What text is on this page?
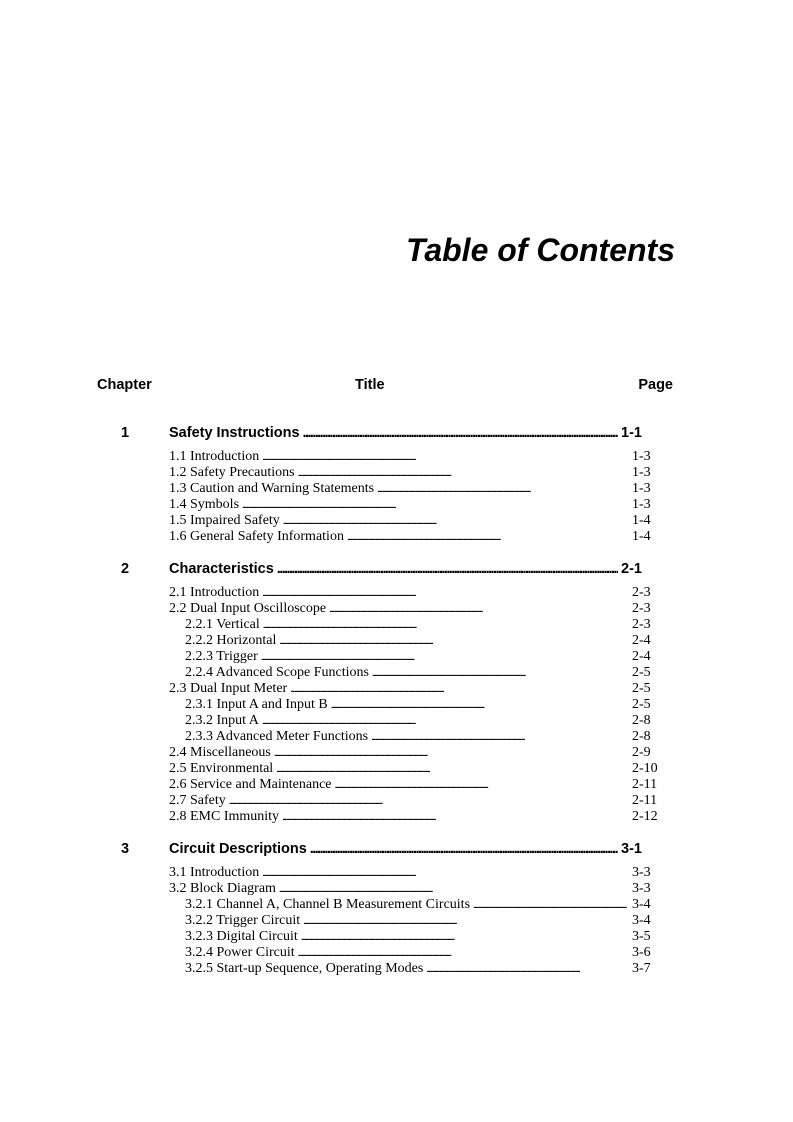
Table of Contents
Chapter	Title	Page
1	Safety Instructions . . .	1-1
1.1 Introduction . . .	1-3
1.2 Safety Precautions . . .	1-3
1.3 Caution and Warning Statements . . .	1-3
1.4 Symbols . . .	1-3
1.5 Impaired Safety . . .	1-4
1.6 General Safety Information . . .	1-4
2	Characteristics . . .	2-1
2.1 Introduction . . .	2-3
2.2 Dual Input Oscilloscope . . .	2-3
2.2.1 Vertical . . .	2-3
2.2.2 Horizontal . . .	2-4
2.2.3 Trigger . . .	2-4
2.2.4 Advanced Scope Functions . . .	2-5
2.3 Dual Input Meter . . .	2-5
2.3.1 Input A and Input B . . .	2-5
2.3.2 Input A . . .	2-8
2.3.3 Advanced Meter Functions . . .	2-8
2.4 Miscellaneous . . .	2-9
2.5 Environmental . . .	2-10
2.6 Service and Maintenance . . .	2-11
2.7 Safety . . .	2-11
2.8 EMC Immunity . . .	2-12
3	Circuit Descriptions . . .	3-1
3.1 Introduction . . .	3-3
3.2 Block Diagram . . .	3-3
3.2.1 Channel A, Channel B Measurement Circuits . . .	3-4
3.2.2 Trigger Circuit . . .	3-4
3.2.3 Digital Circuit . . .	3-5
3.2.4 Power Circuit . . .	3-6
3.2.5 Start-up Sequence, Operating Modes . . .	3-7
